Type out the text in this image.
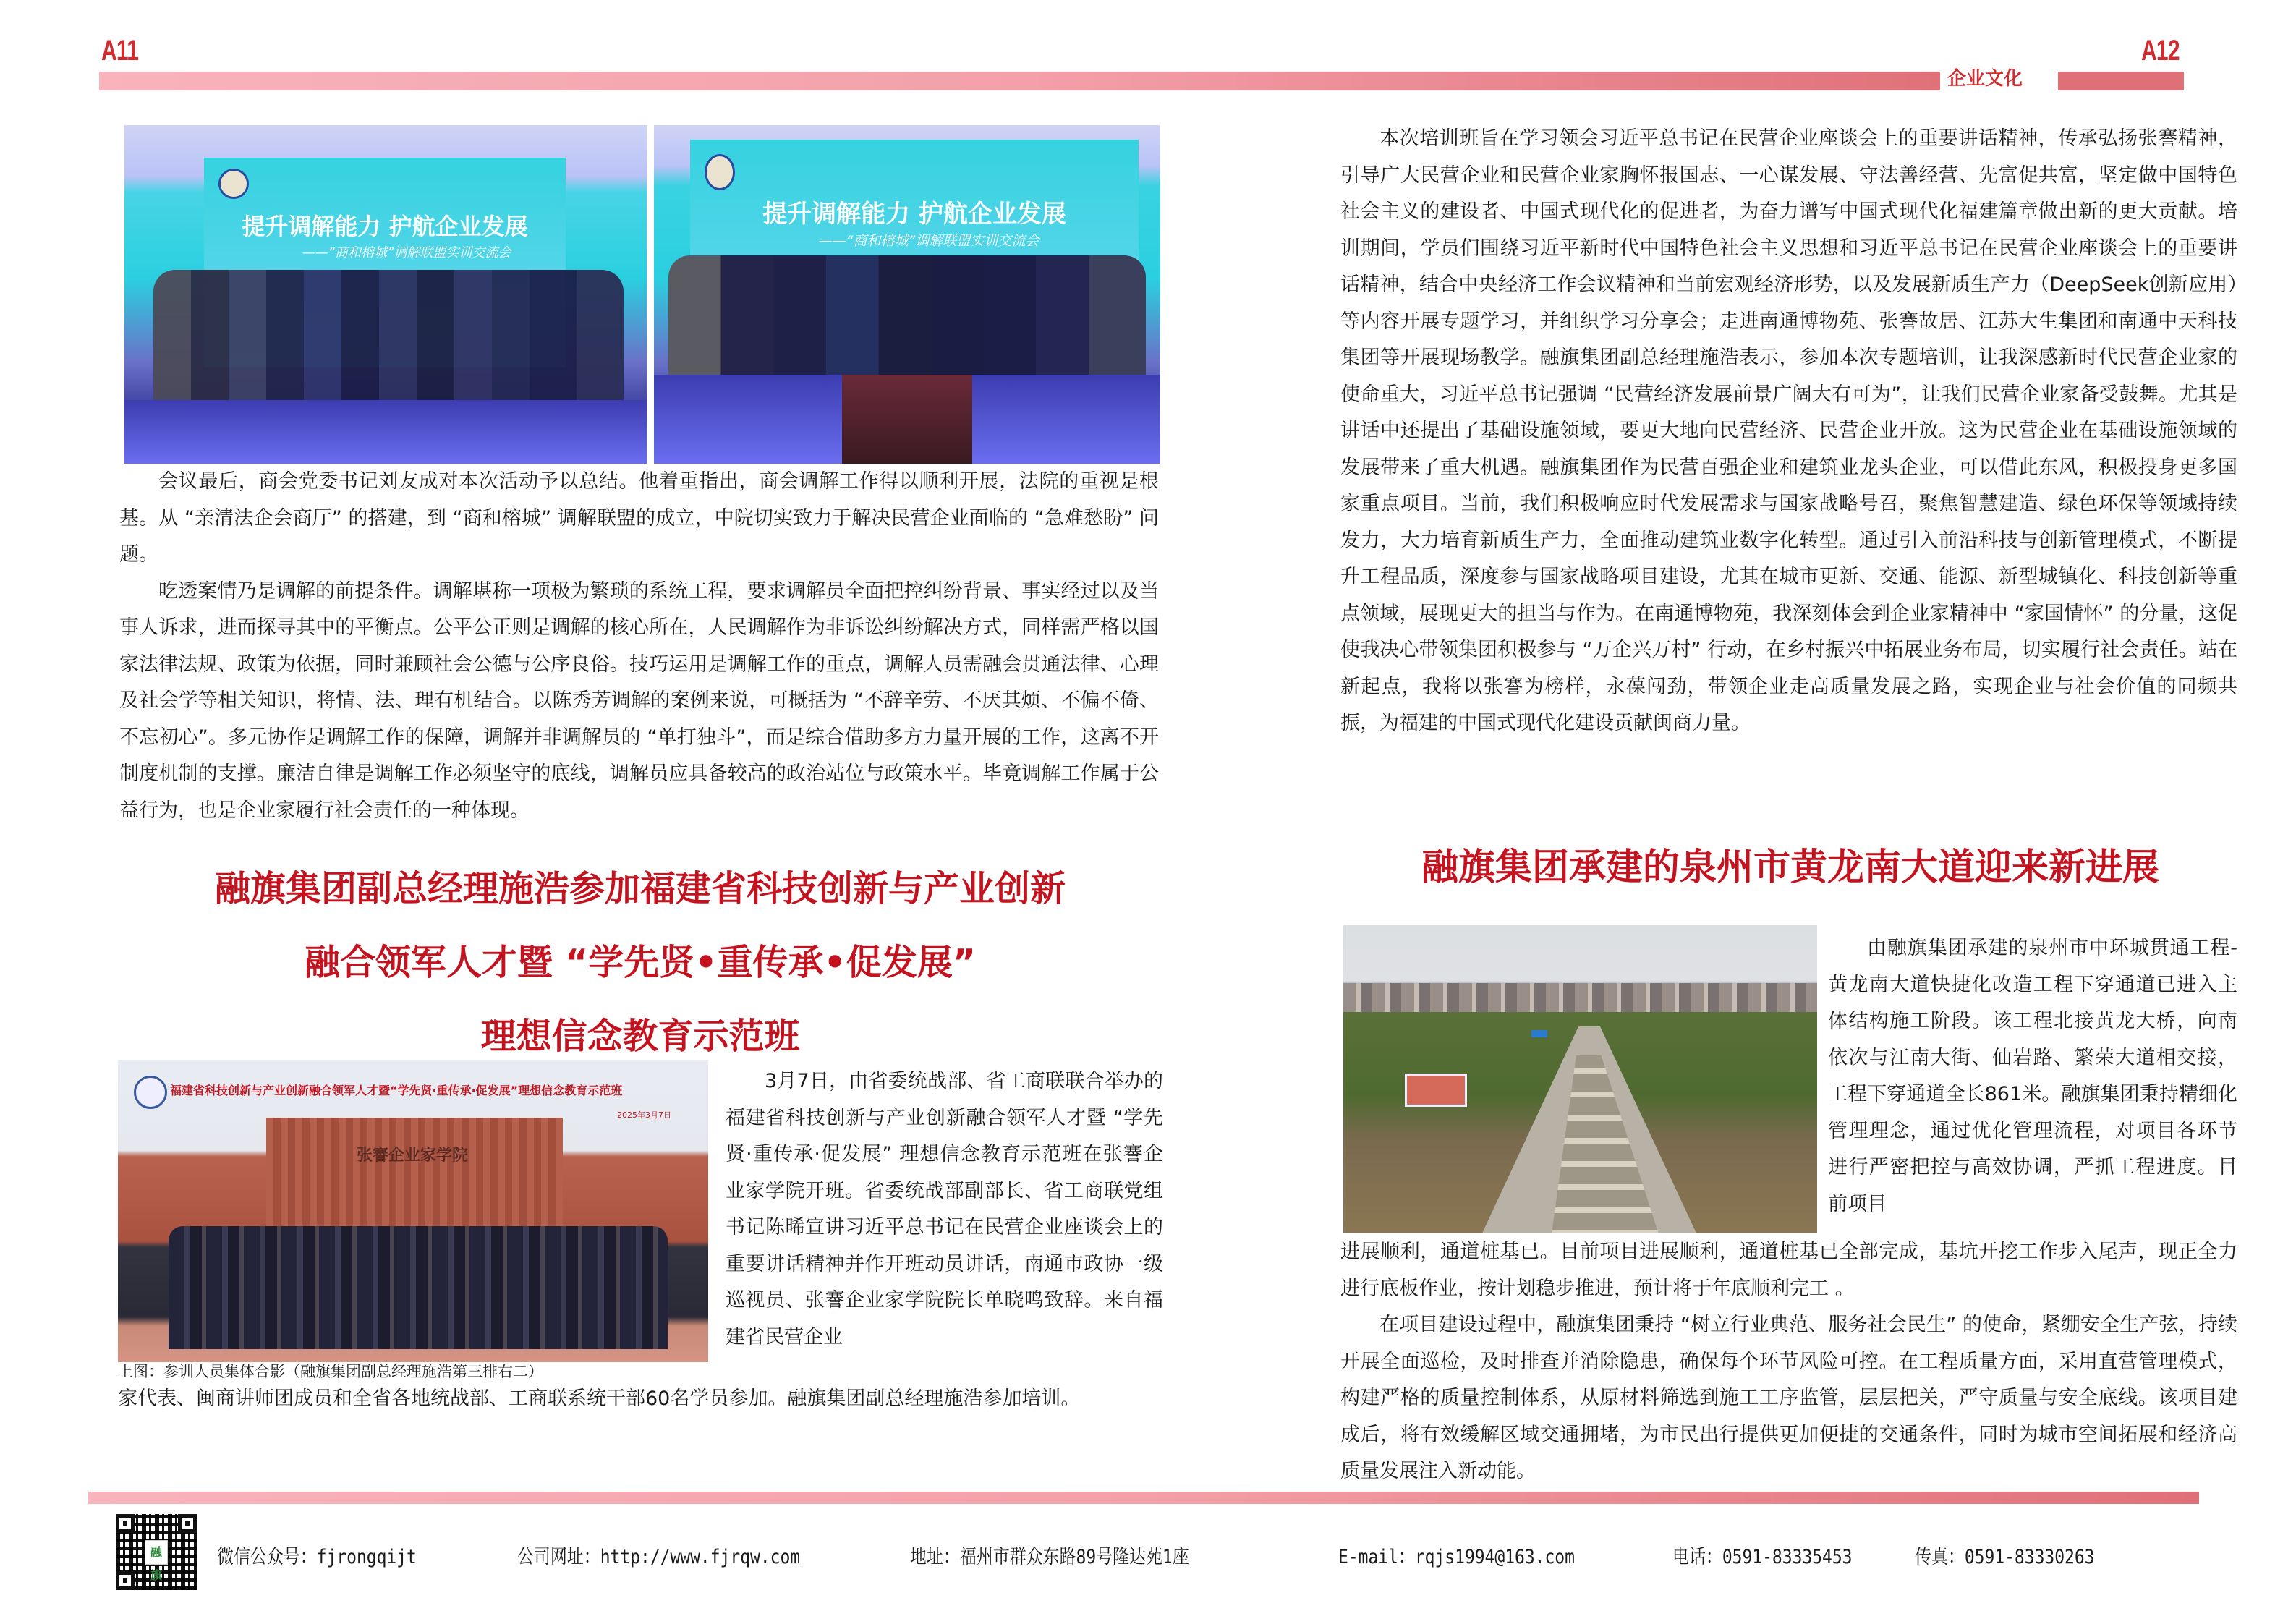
A11
企业文化
A12
提升调解能力 护航企业发展
——“商和榕城”调解联盟实训交流会
提升调解能力 护航企业发展
——“商和榕城”调解联盟实训交流会

会议最后，商会党委书记刘友成对本次活动予以总结。他着重指出，商会调解工作得以顺利开展，法院的重视是根基。从 “亲清法企会商厅” 的搭建，到 “商和榕城” 调解联盟的成立，中院切实致力于解决民营企业面临的 “急难愁盼” 问题。

吃透案情乃是调解的前提条件。调解堪称一项极为繁琐的系统工程，要求调解员全面把控纠纷背景、事实经过以及当事人诉求，进而探寻其中的平衡点。公平公正则是调解的核心所在，人民调解作为非诉讼纠纷解决方式，同样需严格以国家法律法规、政策为依据，同时兼顾社会公德与公序良俗。技巧运用是调解工作的重点，调解人员需融会贯通法律、心理及社会学等相关知识，将情、法、理有机结合。以陈秀芳调解的案例来说，可概括为 “不辞辛劳、不厌其烦、不偏不倚、不忘初心”。多元协作是调解工作的保障，调解并非调解员的 “单打独斗”，而是综合借助多方力量开展的工作，这离不开制度机制的支撑。廉洁自律是调解工作必须坚守的底线，调解员应具备较高的政治站位与政策水平。毕竟调解工作属于公益行为，也是企业家履行社会责任的一种体现。

融旗集团副总经理施浩参加福建省科技创新与产业创新
融合领军人才暨 “学先贤•重传承•促发展”
理想信念教育示范班
福建省科技创新与产业创新融合领军人才暨“学先贤·重传承·促发展”理想信念教育示范班
2025年3月7日
张謇企业家学院
上图：参训人员集体合影（融旗集团副总经理施浩第三排右二）

3月7日，由省委统战部、省工商联联合举办的福建省科技创新与产业创新融合领军人才暨 “学先贤·重传承·促发展” 理想信念教育示范班在张謇企业家学院开班。省委统战部副部长、省工商联党组书记陈晞宣讲习近平总书记在民营企业座谈会上的重要讲话精神并作开班动员讲话，南通市政协一级巡视员、张謇企业家学院院长单晓鸣致辞。来自福建省民营企业

家代表、闽商讲师团成员和全省各地统战部、工商联系统干部60名学员参加。融旗集团副总经理施浩参加培训。

本次培训班旨在学习领会习近平总书记在民营企业座谈会上的重要讲话精神，传承弘扬张謇精神，引导广大民营企业和民营企业家胸怀报国志、一心谋发展、守法善经营、先富促共富，坚定做中国特色社会主义的建设者、中国式现代化的促进者，为奋力谱写中国式现代化福建篇章做出新的更大贡献。培训期间，学员们围绕习近平新时代中国特色社会主义思想和习近平总书记在民营企业座谈会上的重要讲话精神，结合中央经济工作会议精神和当前宏观经济形势，以及发展新质生产力（DeepSeek创新应用）等内容开展专题学习，并组织学习分享会；走进南通博物苑、张謇故居、江苏大生集团和南通中天科技集团等开展现场教学。融旗集团副总经理施浩表示，参加本次专题培训，让我深感新时代民营企业家的使命重大，习近平总书记强调 “民营经济发展前景广阔大有可为”，让我们民营企业家备受鼓舞。尤其是讲话中还提出了基础设施领域，要更大地向民营经济、民营企业开放。这为民营企业在基础设施领域的发展带来了重大机遇。融旗集团作为民营百强企业和建筑业龙头企业，可以借此东风，积极投身更多国家重点项目。当前，我们积极响应时代发展需求与国家战略号召，聚焦智慧建造、绿色环保等领域持续发力，大力培育新质生产力，全面推动建筑业数字化转型。通过引入前沿科技与创新管理模式，不断提升工程品质，深度参与国家战略项目建设，尤其在城市更新、交通、能源、新型城镇化、科技创新等重点领域，展现更大的担当与作为。在南通博物苑，我深刻体会到企业家精神中 “家国情怀” 的分量，这促使我决心带领集团积极参与 “万企兴万村” 行动，在乡村振兴中拓展业务布局，切实履行社会责任。站在新起点，我将以张謇为榜样，永葆闯劲，带领企业走高质量发展之路，实现企业与社会价值的同频共振，为福建的中国式现代化建设贡献闽商力量。

融旗集团承建的泉州市黄龙南大道迎来新进展

由融旗集团承建的泉州市中环城贯通工程-黄龙南大道快捷化改造工程下穿通道已进入主体结构施工阶段。该工程北接黄龙大桥，向南依次与江南大街、仙岩路、繁荣大道相交接，工程下穿通道全长861米。融旗集团秉持精细化管理理念，通过优化管理流程，对项目各环节进行严密把控与高效协调，严抓工程进度。目前项目

进展顺利，通道桩基已。目前项目进展顺利，通道桩基已全部完成，基坑开挖工作步入尾声，现正全力进行底板作业，按计划稳步推进，预计将于年底顺利完工 。

在项目建设过程中，融旗集团秉持 “树立行业典范、服务社会民生” 的使命，紧绷安全生产弦，持续开展全面巡检，及时排查并消除隐患，确保每个环节风险可控。在工程质量方面，采用直营管理模式，构建严格的质量控制体系，从原材料筛选到施工工序监管，层层把关，严守质量与安全底线。该项目建成后，将有效缓解区域交通拥堵，为市民出行提供更加便捷的交通条件，同时为城市空间拓展和经济高质量发展注入新动能。

融旗
微信公众号：fjrongqijt	公司网址：http://www.fjrqw.com	地址：福州市群众东路89号隆达苑1座	E-mail：rqjs1994@163.com	电话：0591-83335453	传真：0591-83330263
